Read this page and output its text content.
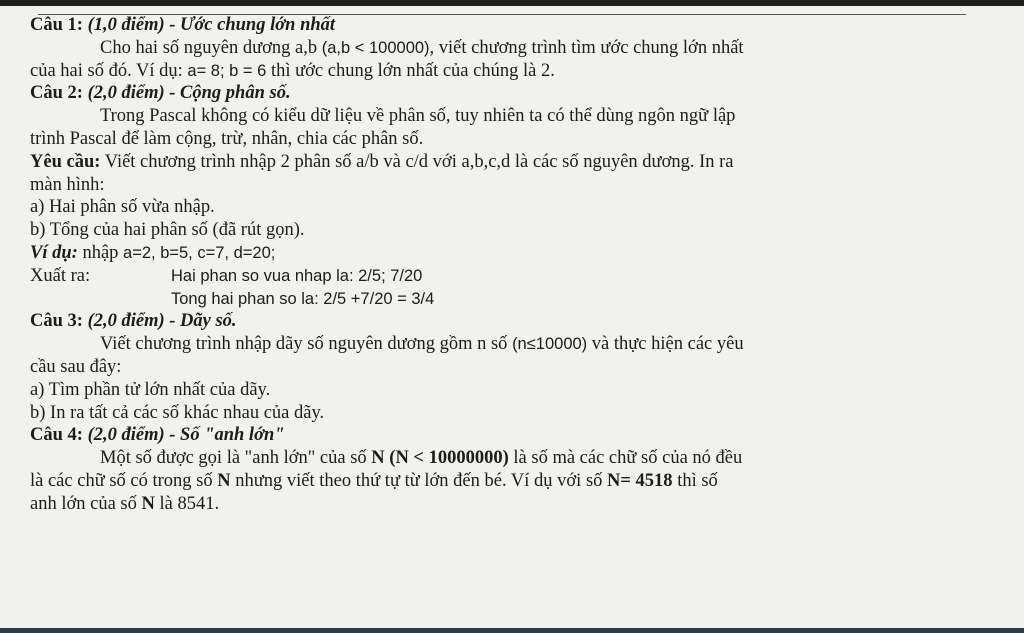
Câu 1: (1,0 điểm) - Ước chung lớn nhất
Cho hai số nguyên dương a,b (a,b < 100000), viết chương trình tìm ước chung lớn nhất
của hai số đó. Ví dụ: a= 8; b = 6 thì ước chung lớn nhất của chúng là 2.
Câu 2: (2,0 điểm) - Cộng phân số.
Trong Pascal không có kiểu dữ liệu về phân số, tuy nhiên ta có thể dùng ngôn ngữ lập
trình Pascal để làm cộng, trừ, nhân, chia các phân số.
Yêu cầu: Viết chương trình nhập 2 phân số a/b và c/d với a,b,c,d là các số nguyên dương. In ra
màn hình:
a) Hai phân số vừa nhập.
b) Tổng của hai phân số (đã rút gọn).
Ví dụ: nhập a=2, b=5, c=7, d=20;
Xuất ra:	Hai phan so vua nhap la: 2/5; 7/20
Tong hai phan so la: 2/5 +7/20 = 3/4
Câu 3: (2,0 điểm) - Dãy số.
Viết chương trình nhập dãy số nguyên dương gồm n số (n≤10000) và thực hiện các yêu
cầu sau đây:
a) Tìm phần tử lớn nhất của dãy.
b) In ra tất cả các số khác nhau của dãy.
Câu 4: (2,0 điểm) - Số "anh lớn"
Một số được gọi là "anh lớn" của số N (N < 10000000) là số mà các chữ số của nó đều
là các chữ số có trong số N nhưng viết theo thứ tự từ lớn đến bé. Ví dụ với số N= 4518 thì số
anh lớn của số N là 8541.
